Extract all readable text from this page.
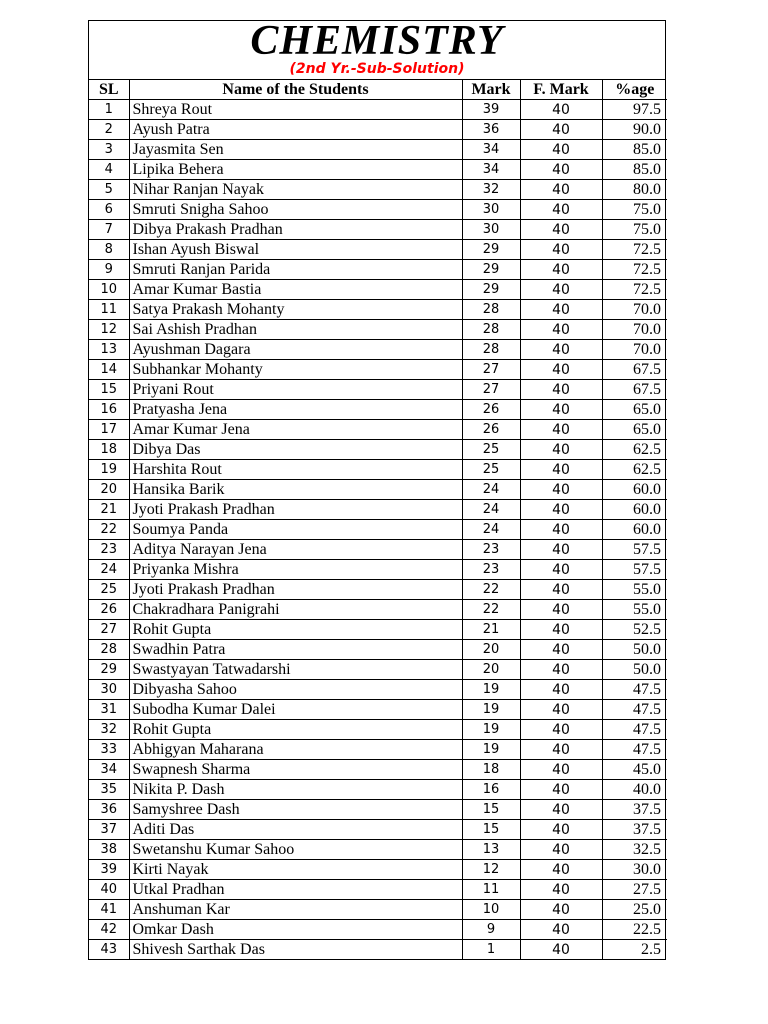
CHEMISTRY
(2nd Yr.-Sub-Solution)
SL	Name of the Students	Mark	F. Mark	%age
1	Shreya Rout	39	40	97.5
2	Ayush Patra	36	40	90.0
3	Jayasmita Sen	34	40	85.0
4	Lipika Behera	34	40	85.0
5	Nihar Ranjan Nayak	32	40	80.0
6	Smruti Snigha Sahoo	30	40	75.0
7	Dibya Prakash Pradhan	30	40	75.0
8	Ishan Ayush Biswal	29	40	72.5
9	Smruti Ranjan Parida	29	40	72.5
10	Amar Kumar Bastia	29	40	72.5
11	Satya Prakash Mohanty	28	40	70.0
12	Sai Ashish Pradhan	28	40	70.0
13	Ayushman Dagara	28	40	70.0
14	Subhankar Mohanty	27	40	67.5
15	Priyani Rout	27	40	67.5
16	Pratyasha Jena	26	40	65.0
17	Amar Kumar Jena	26	40	65.0
18	Dibya Das	25	40	62.5
19	Harshita Rout	25	40	62.5
20	Hansika Barik	24	40	60.0
21	Jyoti Prakash Pradhan	24	40	60.0
22	Soumya Panda	24	40	60.0
23	Aditya Narayan Jena	23	40	57.5
24	Priyanka Mishra	23	40	57.5
25	Jyoti Prakash Pradhan	22	40	55.0
26	Chakradhara Panigrahi	22	40	55.0
27	Rohit Gupta	21	40	52.5
28	Swadhin Patra	20	40	50.0
29	Swastyayan Tatwadarshi	20	40	50.0
30	Dibyasha Sahoo	19	40	47.5
31	Subodha Kumar Dalei	19	40	47.5
32	Rohit Gupta	19	40	47.5
33	Abhigyan Maharana	19	40	47.5
34	Swapnesh Sharma	18	40	45.0
35	Nikita P. Dash	16	40	40.0
36	Samyshree Dash	15	40	37.5
37	Aditi Das	15	40	37.5
38	Swetanshu Kumar Sahoo	13	40	32.5
39	Kirti Nayak	12	40	30.0
40	Utkal Pradhan	11	40	27.5
41	Anshuman Kar	10	40	25.0
42	Omkar Dash	9	40	22.5
43	Shivesh Sarthak Das	1	40	2.5
